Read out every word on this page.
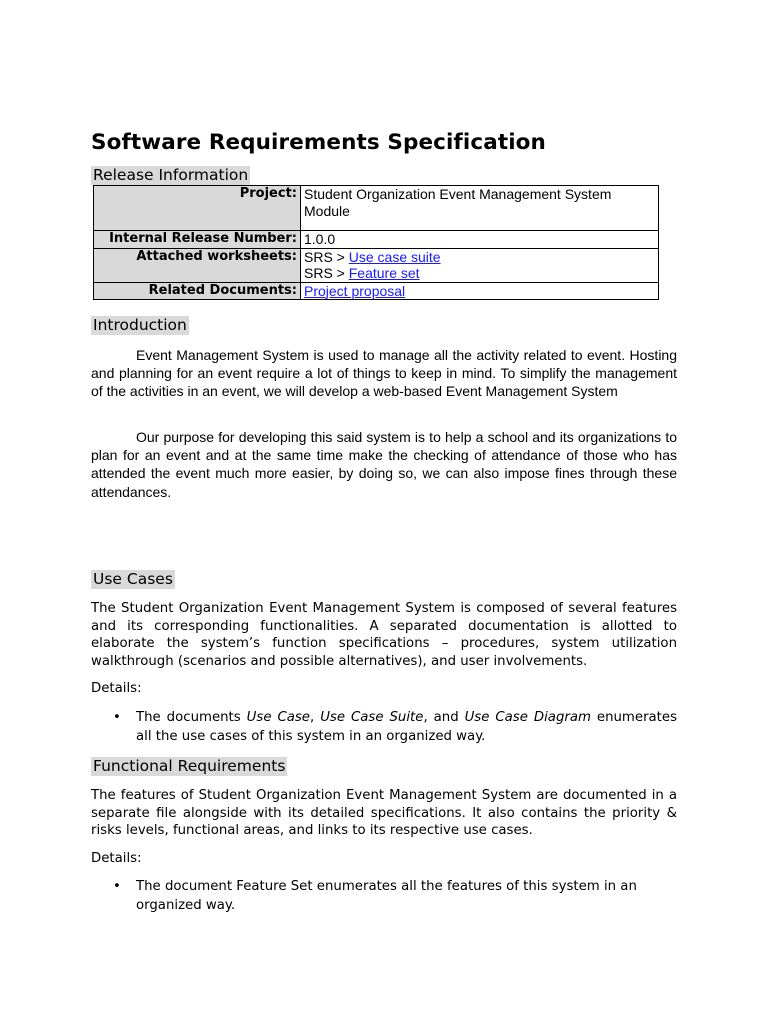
Software Requirements Specification
Release Information
Project:	Student Organization Event Management System Module
Internal Release Number:	1.0.0
Attached worksheets:	SRS > Use case suite
SRS > Feature set
Related Documents:	Project proposal
Introduction

Event Management System is used to manage all the activity related to event. Hosting and planning for an event require a lot of things to keep in mind. To simplify the management of the activities in an event, we will develop a web-based Event Management System

Our purpose for developing this said system is to help a school and its organizations to plan for an event and at the same time make the checking of attendance of those who has attended the event much more easier, by doing so, we can also impose fines through these attendances.

Use Cases

The Student Organization Event Management System is composed of several features and its corresponding functionalities. A separated documentation is allotted to elaborate the system’s function specifications – procedures, system utilization walkthrough (scenarios and possible alternatives), and user involvements.

Details:

• The documents Use Case, Use Case Suite, and Use Case Diagram enumerates all the use cases of this system in an organized way.
Functional Requirements

The features of Student Organization Event Management System are documented in a separate file alongside with its detailed specifications. It also contains the priority & risks levels, functional areas, and links to its respective use cases.

Details:

• The document Feature Set enumerates all the features of this system in an organized way.
